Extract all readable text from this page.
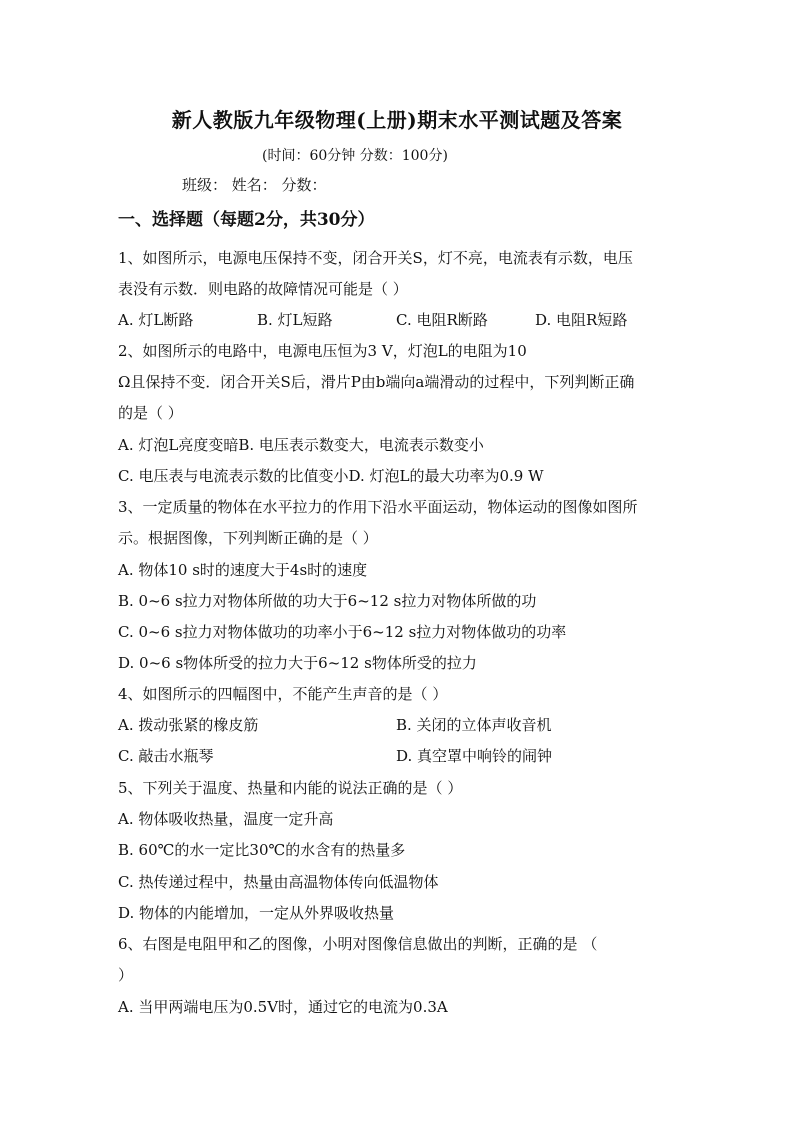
新人教版九年级物理(上册)期末水平测试题及答案
(时间：60分钟 分数：100分)
班级： 姓名： 分数：
一、选择题（每题2分，共30分）
1、如图所示，电源电压保持不变，闭合开关S，灯不亮，电流表有示数，电压
表没有示数．则电路的故障情况可能是（ ）
A. 灯L断路	B. 灯L短路	C. 电阻R断路	D. 电阻R短路
2、如图所示的电路中，电源电压恒为3 V，灯泡L的电阻为10
Ω且保持不变．闭合开关S后，滑片P由b端向a端滑动的过程中，下列判断正确
的是（ ）
A. 灯泡L亮度变暗B. 电压表示数变大，电流表示数变小
C. 电压表与电流表示数的比值变小D. 灯泡L的最大功率为0.9 W
3、一定质量的物体在水平拉力的作用下沿水平面运动，物体运动的图像如图所
示。根据图像，下列判断正确的是（ ）
A. 物体10 s时的速度大于4s时的速度
B. 0~6 s拉力对物体所做的功大于6~12 s拉力对物体所做的功
C. 0~6 s拉力对物体做功的功率小于6~12 s拉力对物体做功的功率
D. 0~6 s物体所受的拉力大于6~12 s物体所受的拉力
4、如图所示的四幅图中，不能产生声音的是（ ）
A. 拨动张紧的橡皮筋	B. 关闭的立体声收音机
C. 敲击水瓶琴	D. 真空罩中响铃的闹钟
5、下列关于温度、热量和内能的说法正确的是（ ）
A. 物体吸收热量，温度一定升高
B. 60℃的水一定比30℃的水含有的热量多
C. 热传递过程中，热量由高温物体传向低温物体
D. 物体的内能增加，一定从外界吸收热量
6、右图是电阻甲和乙的图像，小明对图像信息做出的判断，正确的是 （
）
A. 当甲两端电压为0.5V时，通过它的电流为0.3A
